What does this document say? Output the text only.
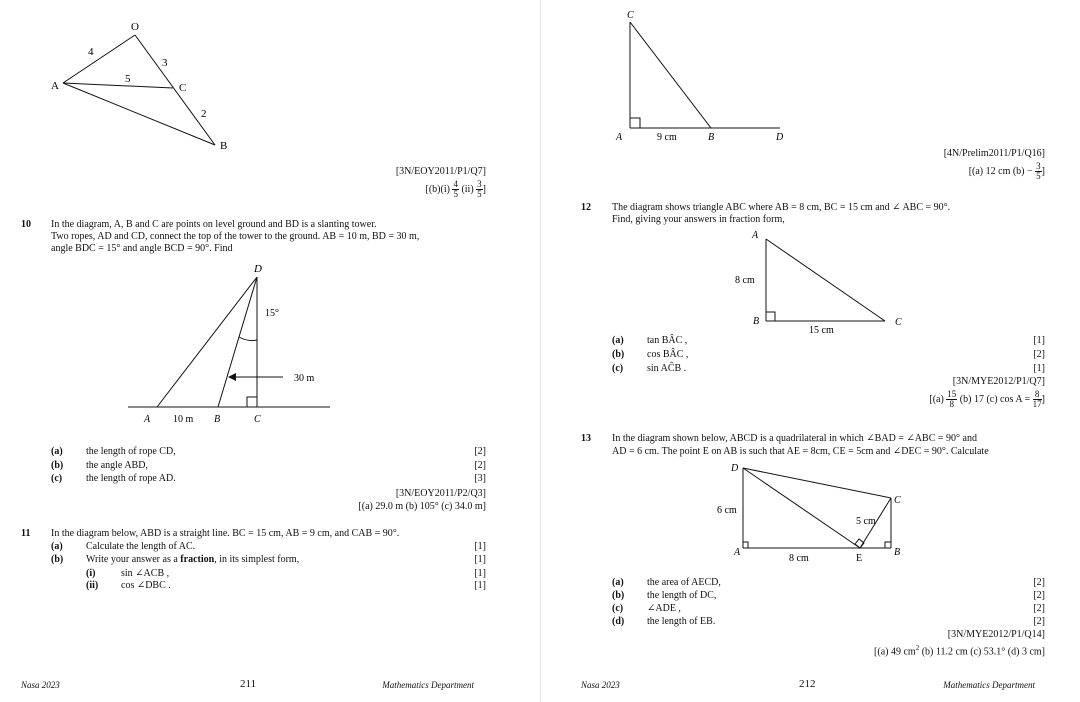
O
A	C
B
4
5
3
2
[3N/EOY2011/P1/Q7]
[$(b)(i) \frac{4}{5} (ii) \frac{3}{5}$ ]
10 In the diagram, A, B and C are points on level ground and BD is a slanting tower.
Two ropes, AD and CD, connect the top of the tower to the ground. AB = 10 m, BD = 30 m,
angle BDC = 15° and angle BCD = 90°. Find
D
15°
30 m
A 10 m B	C
(a) the length of rope CD,	[2]
(b) the angle ABD,	[2]
(c) the length of rope AD.	[3]
[3N/EOY2011/P2/Q3]
[(a) 29.0 m (b) 105° (c) 34.0 m]
11 In the diagram below, ABD is a straight line. BC = 15 cm, AB = 9 cm, and CAB = 90°.
(a) Calculate the length of AC.	[1]
(b) Write your answer as a fraction, in its simplest form,	[1]
(i)	sin ∠ACB ,	[1]
(ii) cos ∠DBC .	[1]
Nasa 2023	211	Mathematics Department
C
A	9 cm	B	D
[4N/Prelim2011/P1/Q16]
[(a) 12 cm $(b) - \frac{3}{5}$ ]
12 The diagram shows triangle ABC where AB = 8 cm, BC = 15 cm and ∠ ABC = 90°.
Find, giving your answers in fraction form,
A
8 cm
B
15 cm
C
(a) tan BÂC ,	[1]
(b) cos BÂC ,	[2]
(c) sin AĈB .	[1]
[3N/MYE2012/P1/Q7]
[$(a) \frac{15}{8} (b)$ 17 (c) $\cos A = \frac{8}{17}$ ]
13 In the diagram shown below, ABCD is a quadrilateral in which ∠BAD = ∠ABC = 90° and
AD = 6 cm. The point E on AB is such that AE = 8cm, CE = 5cm and ∠DEC = 90°. Calculate
D
C
6 cm
5 cm
A
8 cm	E
B
(a) the area of AECD,	[2]
(b) the length of DC,	[2]
(c) ∠ADE ,	[2]
(d) the length of EB.	[2]
[3N/MYE2012/P1/Q14]
[(a) 49 $cm^2$ (b) 11.2 cm (c) 53.1° (d) 3 cm]
Nasa 2023	212	Mathematics Department
